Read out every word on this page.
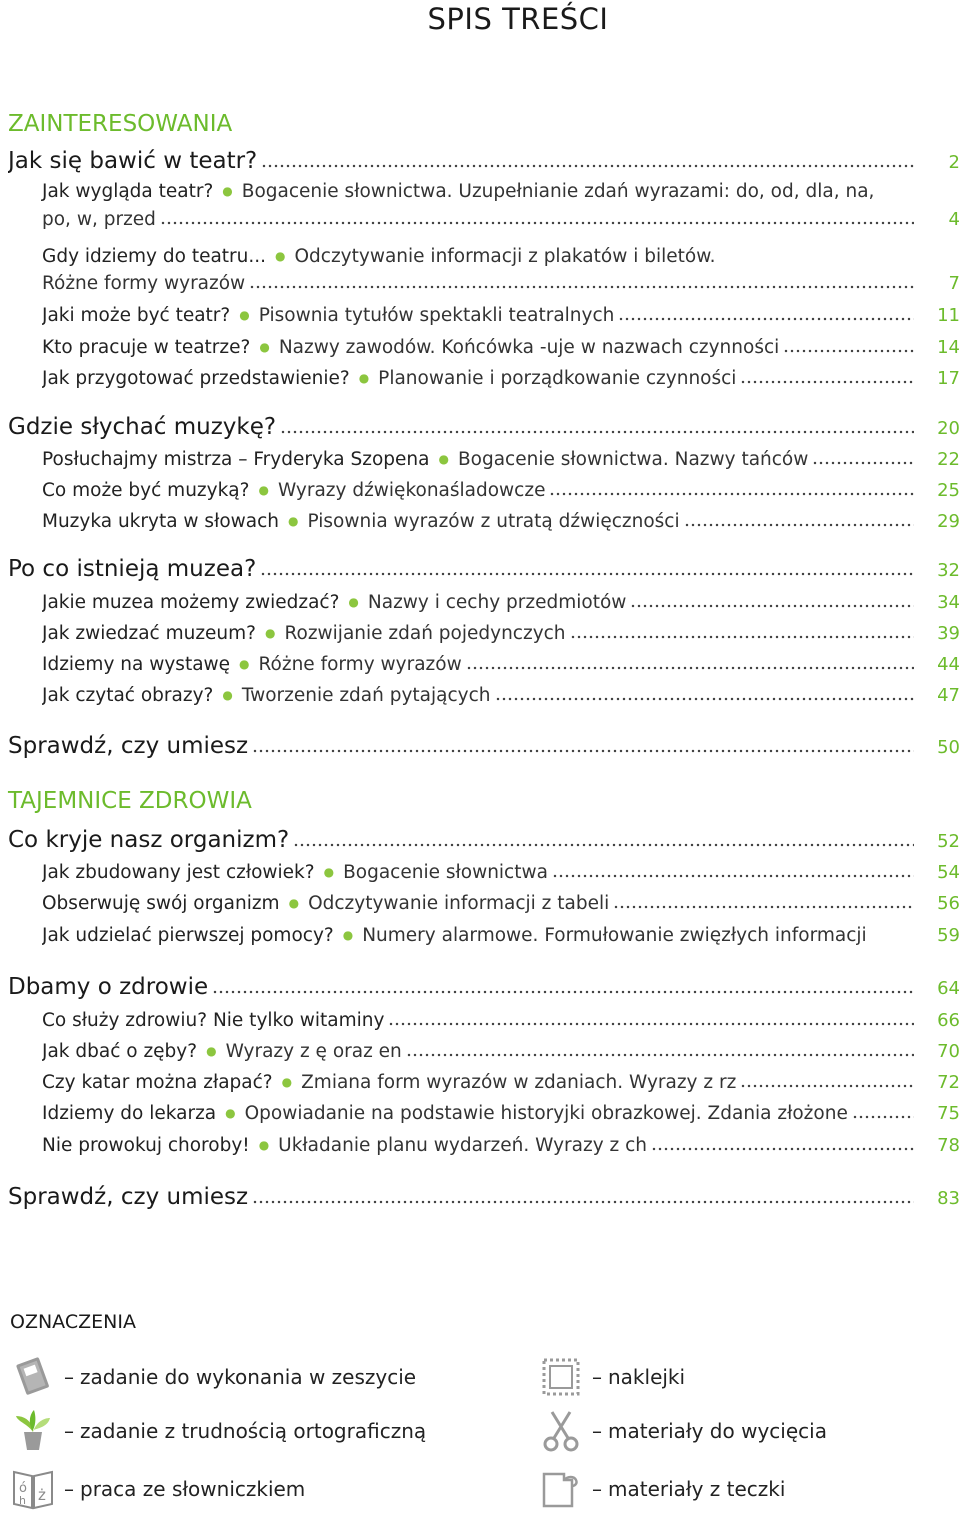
SPIS TREŚCI
ZAINTERESOWANIA
Jak się bawić w teatr?	2
Jak wygląda teatr? ● Bogacenie słownictwa. Uzupełnianie zdań wyrazami: do, od, dla, na,
po, w, przed	4
Gdy idziemy do teatru... ● Odczytywanie informacji z plakatów i biletów.
Różne formy wyrazów	7
Jaki może być teatr? ● Pisownia tytułów spektakli teatralnych	11
Kto pracuje w teatrze? ● Nazwy zawodów. Końcówka -uje w nazwach czynności	14
Jak przygotować przedstawienie? ● Planowanie i porządkowanie czynności	17
Gdzie słychać muzykę?	20
Posłuchajmy mistrza – Fryderyka Szopena ● Bogacenie słownictwa. Nazwy tańców	22
Co może być muzyką? ● Wyrazy dźwiękonaśladowcze	25
Muzyka ukryta w słowach ● Pisownia wyrazów z utratą dźwięczności	29
Po co istnieją muzea?	32
Jakie muzea możemy zwiedzać? ● Nazwy i cechy przedmiotów	34
Jak zwiedzać muzeum? ● Rozwijanie zdań pojedynczych	39
Idziemy na wystawę ● Różne formy wyrazów	44
Jak czytać obrazy? ● Tworzenie zdań pytających	47
Sprawdź, czy umiesz	50
TAJEMNICE ZDROWIA
Co kryje nasz organizm?	52
Jak zbudowany jest człowiek? ● Bogacenie słownictwa	54
Obserwuję swój organizm ● Odczytywanie informacji z tabeli	56
Jak udzielać pierwszej pomocy? ● Numery alarmowe. Formułowanie zwięzłych informacji	59
Dbamy o zdrowie	64
Co służy zdrowiu? Nie tylko witaminy	66
Jak dbać o zęby? ● Wyrazy z ę oraz en	70
Czy katar można złapać? ● Zmiana form wyrazów w zdaniach. Wyrazy z rz	72
Idziemy do lekarza ● Opowiadanie na podstawie historyjki obrazkowej. Zdania złożone	75
Nie prowokuj choroby! ● Układanie planu wydarzeń. Wyrazy z ch	78
Sprawdź, czy umiesz	83
OZNACZENIA
– zadanie do wykonania w zeszycie
– zadanie z trudnością ortograficzną
ó
h ż – praca ze słowniczkiem
– naklejki
– materiały do wycięcia
– materiały z teczki
